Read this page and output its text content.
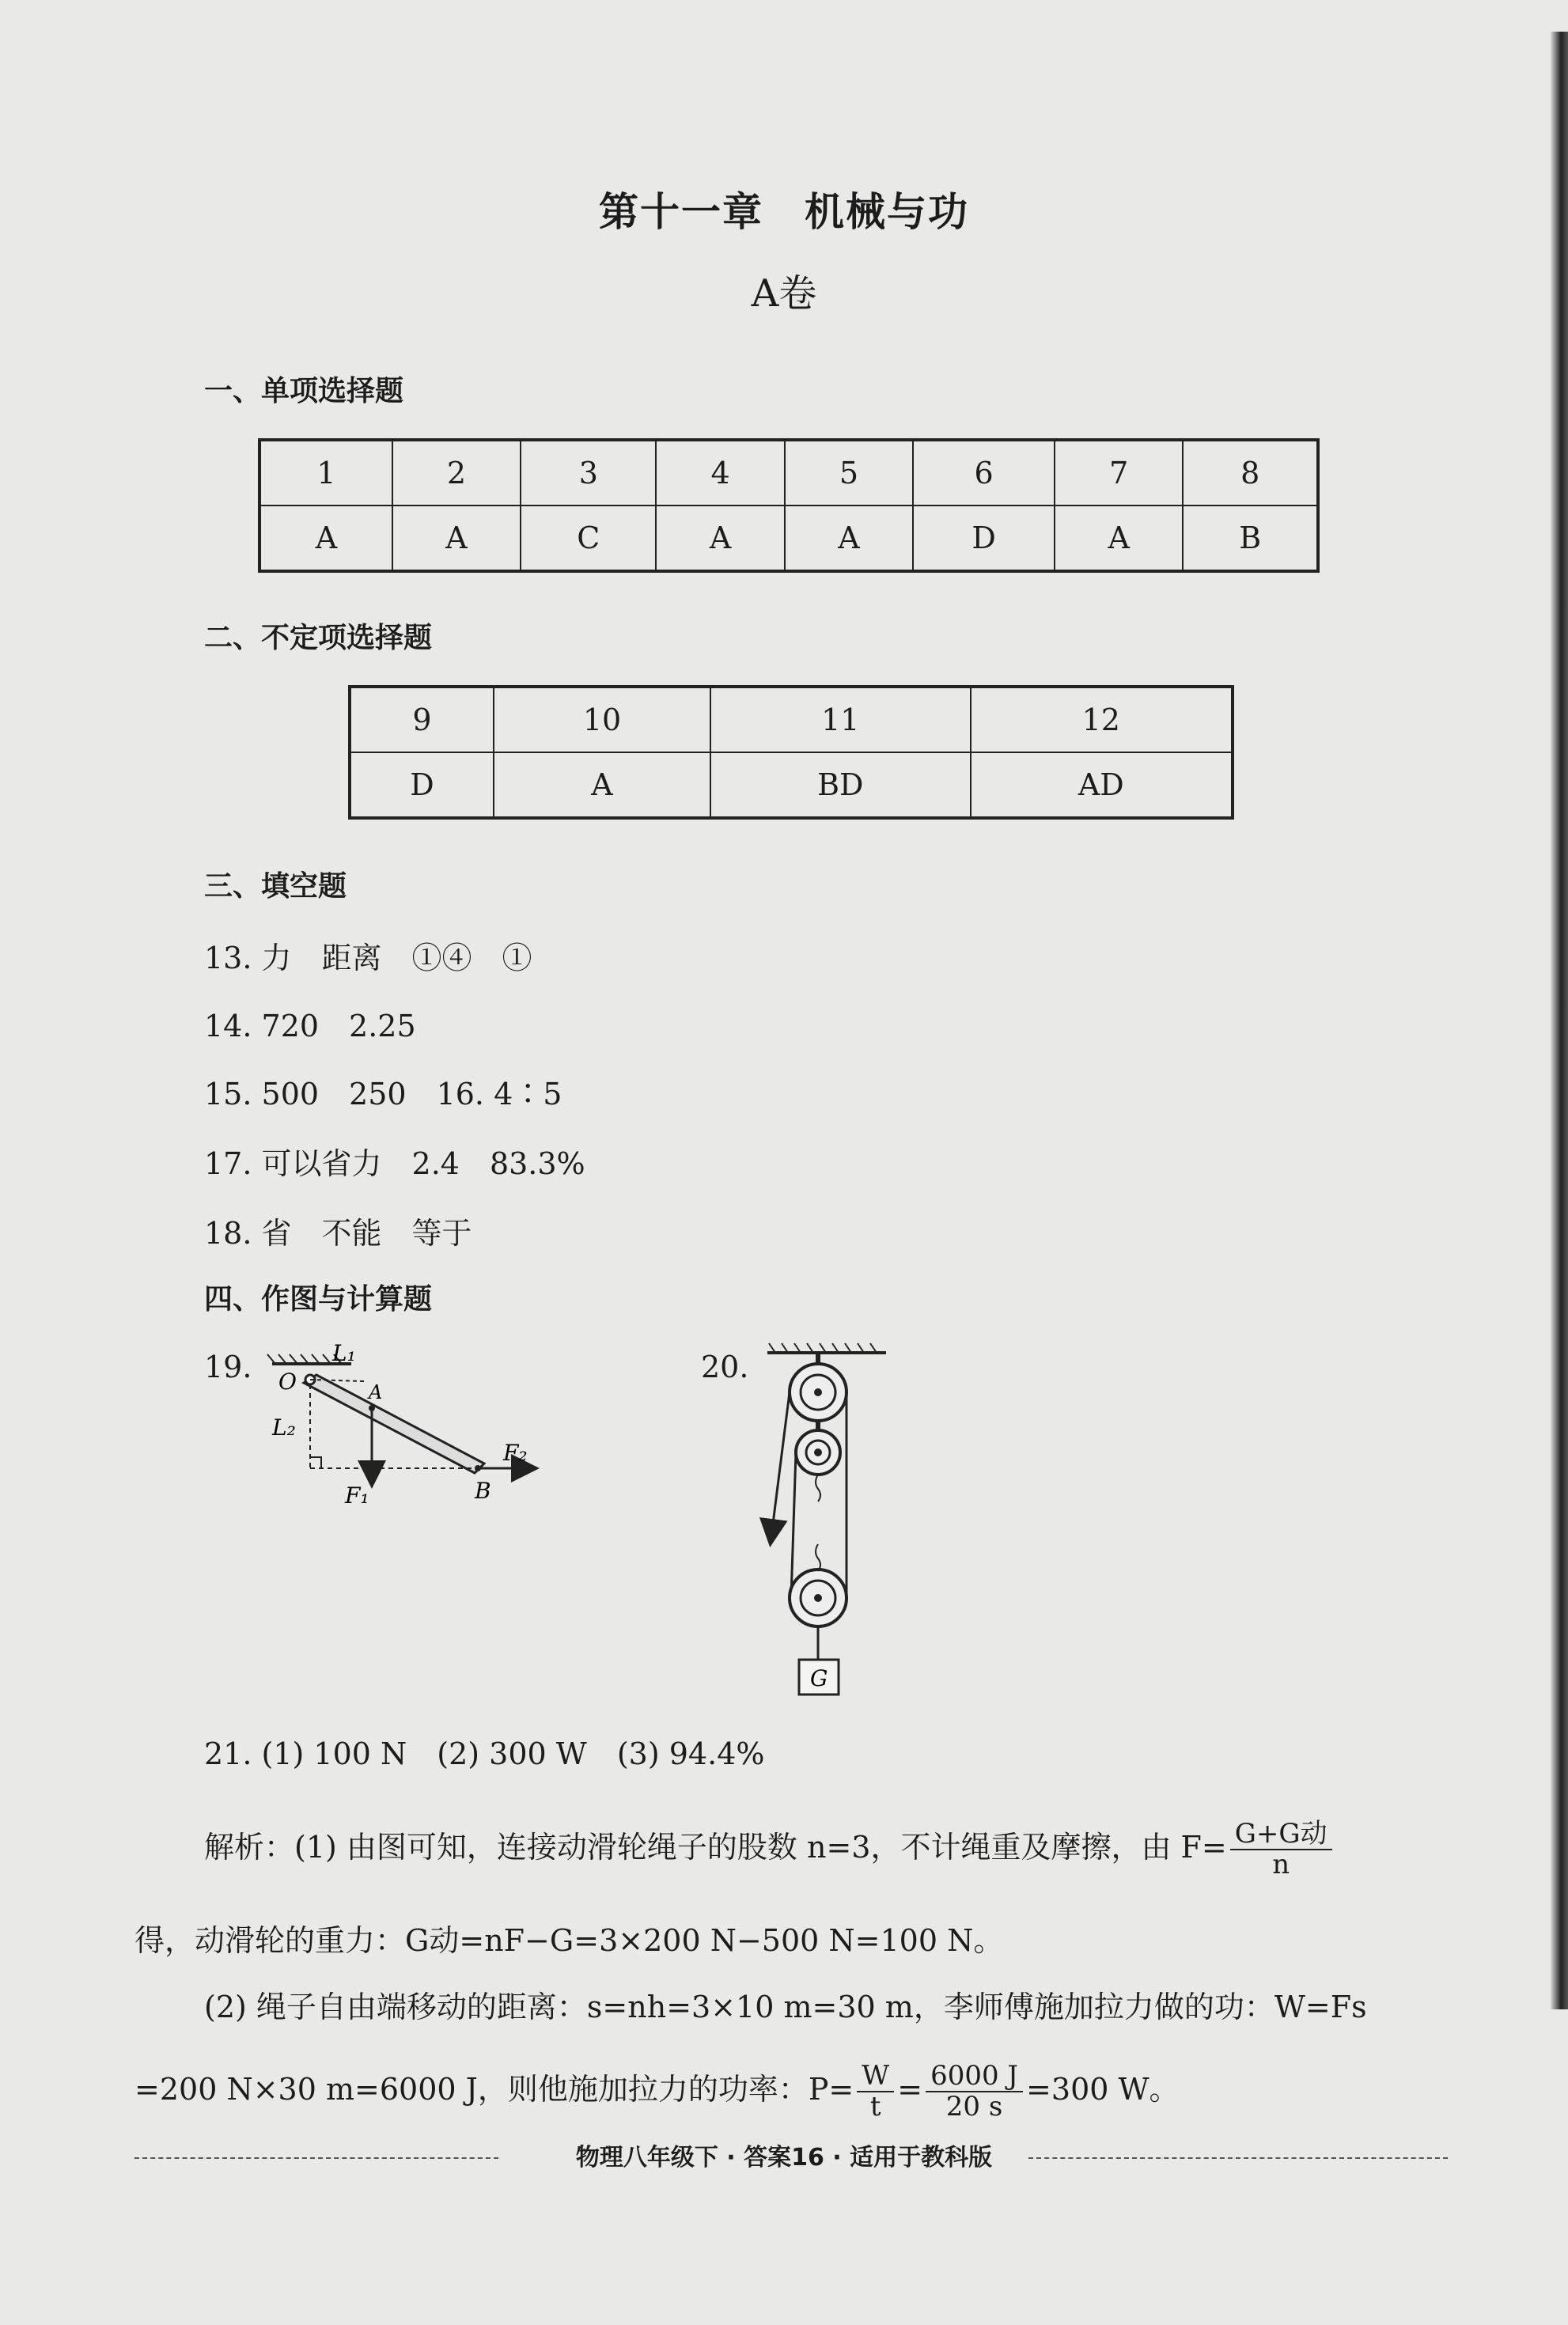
第十一章　机械与功
A卷
一、单项选择题
1	2	3	4	5	6	7	8
A	A	C	A	A	D	A	B
二、不定项选择题
9	10	11	12
D	A	BD	AD
三、填空题
13. 力　距离　①④　①
14. 720　2.25
15. 500　250　16. 4∶5
17. 可以省力　2.4　83.3%
18. 省　不能　等于
四、作图与计算题
19.	20.
L₁
O	A
L₂
F₁	B
F₂
G
21. (1) 100 N　(2) 300 W　(3) 94.4%
解析：(1) 由图可知，连接动滑轮绳子的股数 n=3，不计绳重及摩擦，由 $F= \frac{\text{G+G动}}{n}$
得，动滑轮的重力：G动=nF−G=3×200 N−500 N=100 N。
(2) 绳子自由端移动的距离：s=nh=3×10 m=30 m，李师傅施加拉力做的功：W=Fs
=200 N×30 m=6000 J，则他施加拉力的功率：$P= \frac{W}{t} = \frac{6000 J}{20 s} =300$ W。
物理八年级下 · 答案16 · 适用于教科版
